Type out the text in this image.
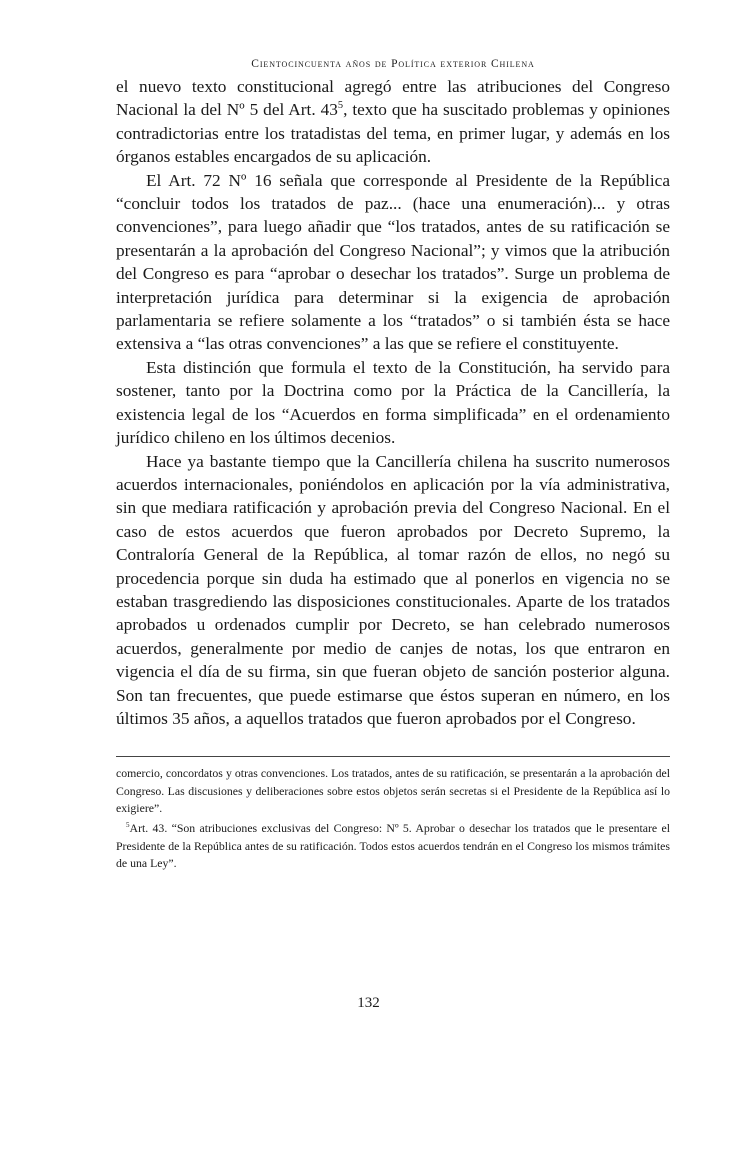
Cientocincuenta años de Política exterior Chilena

el nuevo texto constitucional agregó entre las atribuciones del Congreso Nacional la del Nº 5 del Art. $43^5$, texto que ha suscitado problemas y opiniones contradictorias entre los tratadistas del tema, en primer lugar, y además en los órganos estables encargados de su aplicación.

El Art. 72 Nº 16 señala que corresponde al Presidente de la República “concluir todos los tratados de paz... (hace una enumeración)... y otras convenciones”, para luego añadir que “los tratados, antes de su ratificación se presentarán a la aprobación del Congreso Nacional”; y vimos que la atribución del Congreso es para “aprobar o desechar los tratados”. Surge un problema de interpretación jurídica para determinar si la exigencia de aprobación parlamentaria se refiere solamente a los “tratados” o si también ésta se hace extensiva a “las otras convenciones” a las que se refiere el constituyente.

Esta distinción que formula el texto de la Constitución, ha servido para sostener, tanto por la Doctrina como por la Práctica de la Cancillería, la existencia legal de los “Acuerdos en forma simplificada” en el ordenamiento jurídico chileno en los últimos decenios.

Hace ya bastante tiempo que la Cancillería chilena ha suscrito numerosos acuerdos internacionales, poniéndolos en aplicación por la vía administrativa, sin que mediara ratificación y aprobación previa del Congreso Nacional. En el caso de estos acuerdos que fueron aprobados por Decreto Supremo, la Contraloría General de la República, al tomar razón de ellos, no negó su procedencia porque sin duda ha estimado que al ponerlos en vigencia no se estaban trasgrediendo las disposiciones constitucionales. Aparte de los tratados aprobados u ordenados cumplir por Decreto, se han celebrado numerosos acuerdos, generalmente por medio de canjes de notas, los que entraron en vigencia el día de su firma, sin que fueran objeto de sanción posterior alguna. Son tan frecuentes, que puede estimarse que éstos superan en número, en los últimos 35 años, a aquellos tratados que fueron aprobados por el Congreso.

comercio, concordatos y otras convenciones. Los tratados, antes de su ratificación, se presentarán a la aprobación del Congreso. Las discusiones y deliberaciones sobre estos objetos serán secretas si el Presidente de la República así lo exigiere”.

$^5$Art. 43. “Son atribuciones exclusivas del Congreso: Nº 5. Aprobar o desechar los tratados que le presentare el Presidente de la República antes de su ratificación. Todos estos acuerdos tendrán en el Congreso los mismos trámites de una Ley”.

132
